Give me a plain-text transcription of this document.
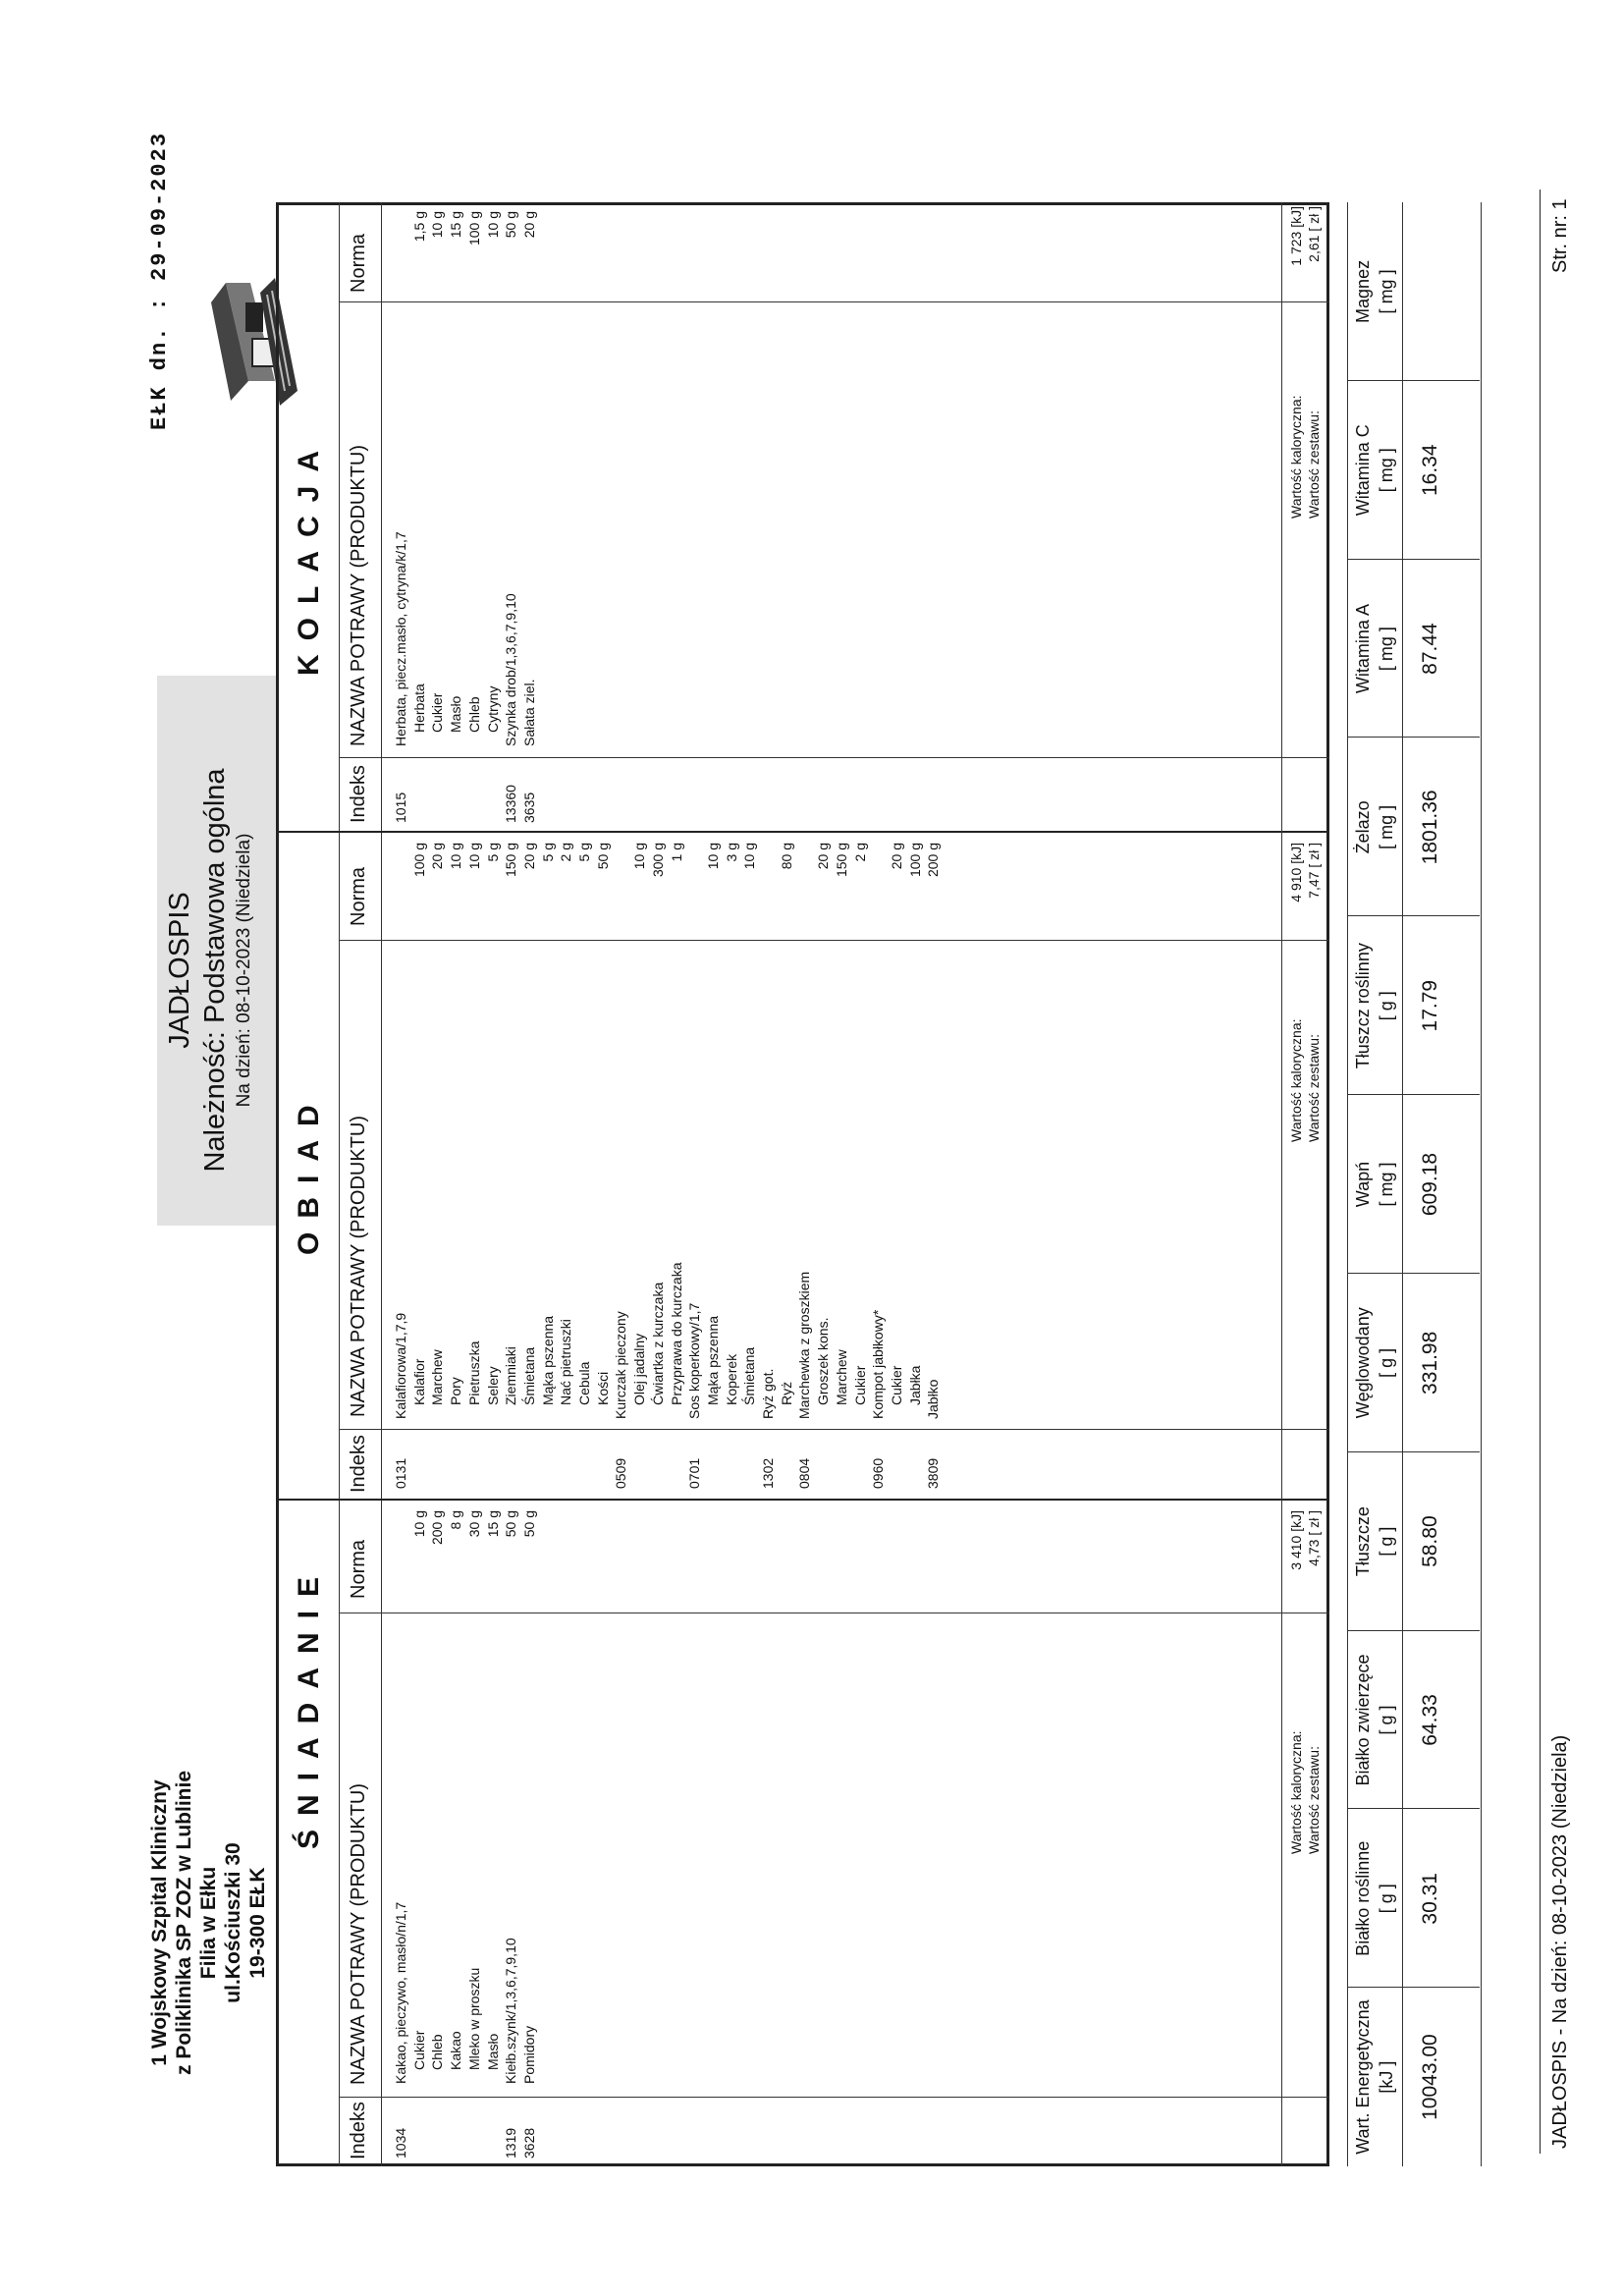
1 Wojskowy Szpital Kliniczny z Poliklinika SP ZOZ w Lublinie Filia w Ełku ul.Kościuszki 30 19-300 EŁK
JADŁOSPIS Należność: Podstawowa ogólna Na dzień: 08-10-2023 (Niedziela)
EŁK dn. : 29-09-2023
ŚNIADANIE
OBIAD
KOLACJA
Indeks
NAZWA POTRAWY (PRODUKTU)
Norma
Indeks
NAZWA POTRAWY (PRODUKTU)
Norma
Indeks
NAZWA POTRAWY (PRODUKTU)
Norma
1034
Kakao, pieczywo, masło/n/1,7 Cukier
10 g
Chleb
200 g
Kakao
8 g
Mleko w proszku
30 g
Masło
15 g
1319
Kiełb.szynk/1,3,6,7,9,10
50 g
3628
Pomidory
50 g
0131
Kalafiorowa/1,7,9 Kalafior
100 g
Marchew
20 g
Pory
10 g
Pietruszka
10 g
Selery
5 g
Ziemniaki
150 g
Śmietana
20 g
Mąka pszenna
5 g
Nać pietruszki
2 g
Cebula
5 g
Kości
50 g
0509
Kurczak pieczony Olej jadalny
10 g
Ćwiartka z kurczaka
300 g
Przyprawa do kurczaka
1 g
0701
Sos koperkowy/1,7 Mąka pszenna
10 g
Koperek
3 g
Śmietana
10 g
1302
Ryż got. Ryż
80 g
0804
Marchewka z groszkiem Groszek kons.
20 g
Marchew
150 g
Cukier
2 g
0960
Kompot jabłkowy* Cukier
20 g
Jabłka
100 g
3809
Jabłko
200 g
1015
Herbata, piecz.masło, cytryna/k/1,7 Herbata
1,5 g
Cukier
10 g
Masło
15 g
Chleb
100 g
Cytryny
10 g
13360
Szynka drob/1,3,6,7,9,10
50 g
3635
Sałata ziel.
20 g
Wartość kaloryczna: Wartość zestawu:
3 410 [kJ] 4,73 [ zł ]
Wartość kaloryczna: Wartość zestawu:
4 910 [kJ] 7,47 [ zł ]
Wartość kaloryczna: Wartość zestawu:
1 723 [kJ] 2,61 [ zł ]
Wart. Energetyczna [kJ ] 10043.00
Białko roślinne [ g ] 30.31
Białko zwierzęce [ g ] 64.33
Tłuszcze [ g ] 58.80
Węglowodany [ g ] 331.98
Wapń [ mg ] 609.18
Tłuszcz roślinny [ g ] 17.79
Żelazo [ mg ] 1801.36
Witamina A [ mg ] 87.44
Witamina C [ mg ] 16.34
Magnez [ mg ]
JADŁOSPIS - Na dzień: 08-10-2023 (Niedziela)
Str. nr: 1
